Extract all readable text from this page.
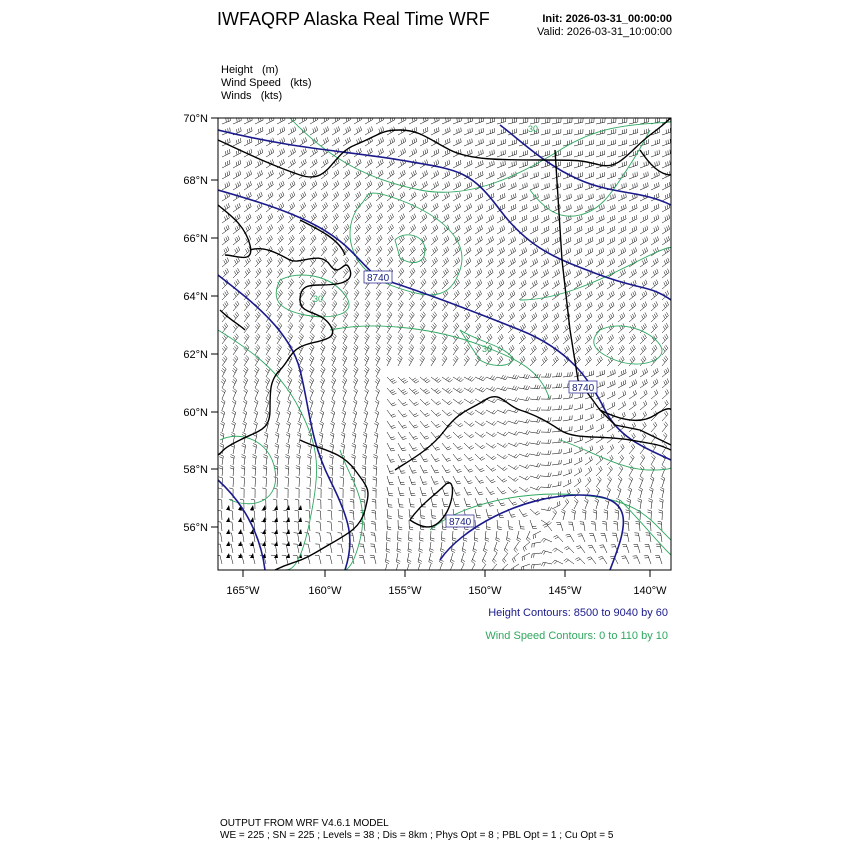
70°N
68°N
66°N
64°N
62°N
60°N
58°N
56°N
165°W	160°W	155°W	150°W	145°W	140°W
8740
8740
8740
30
30
30
IWFAQRP Alaska Real Time WRF	Init: 2026-03-31_00:00:00
Valid: 2026-03-31_10:00:00
Height   (m)
Wind Speed   (kts)
Winds   (kts)
Height Contours: 8500 to 9040 by 60
Wind Speed Contours: 0 to 110 by 10
OUTPUT FROM WRF V4.6.1 MODEL
WE = 225 ; SN = 225 ; Levels = 38 ; Dis = 8km ; Phys Opt = 8 ; PBL Opt = 1 ; Cu Opt = 5
